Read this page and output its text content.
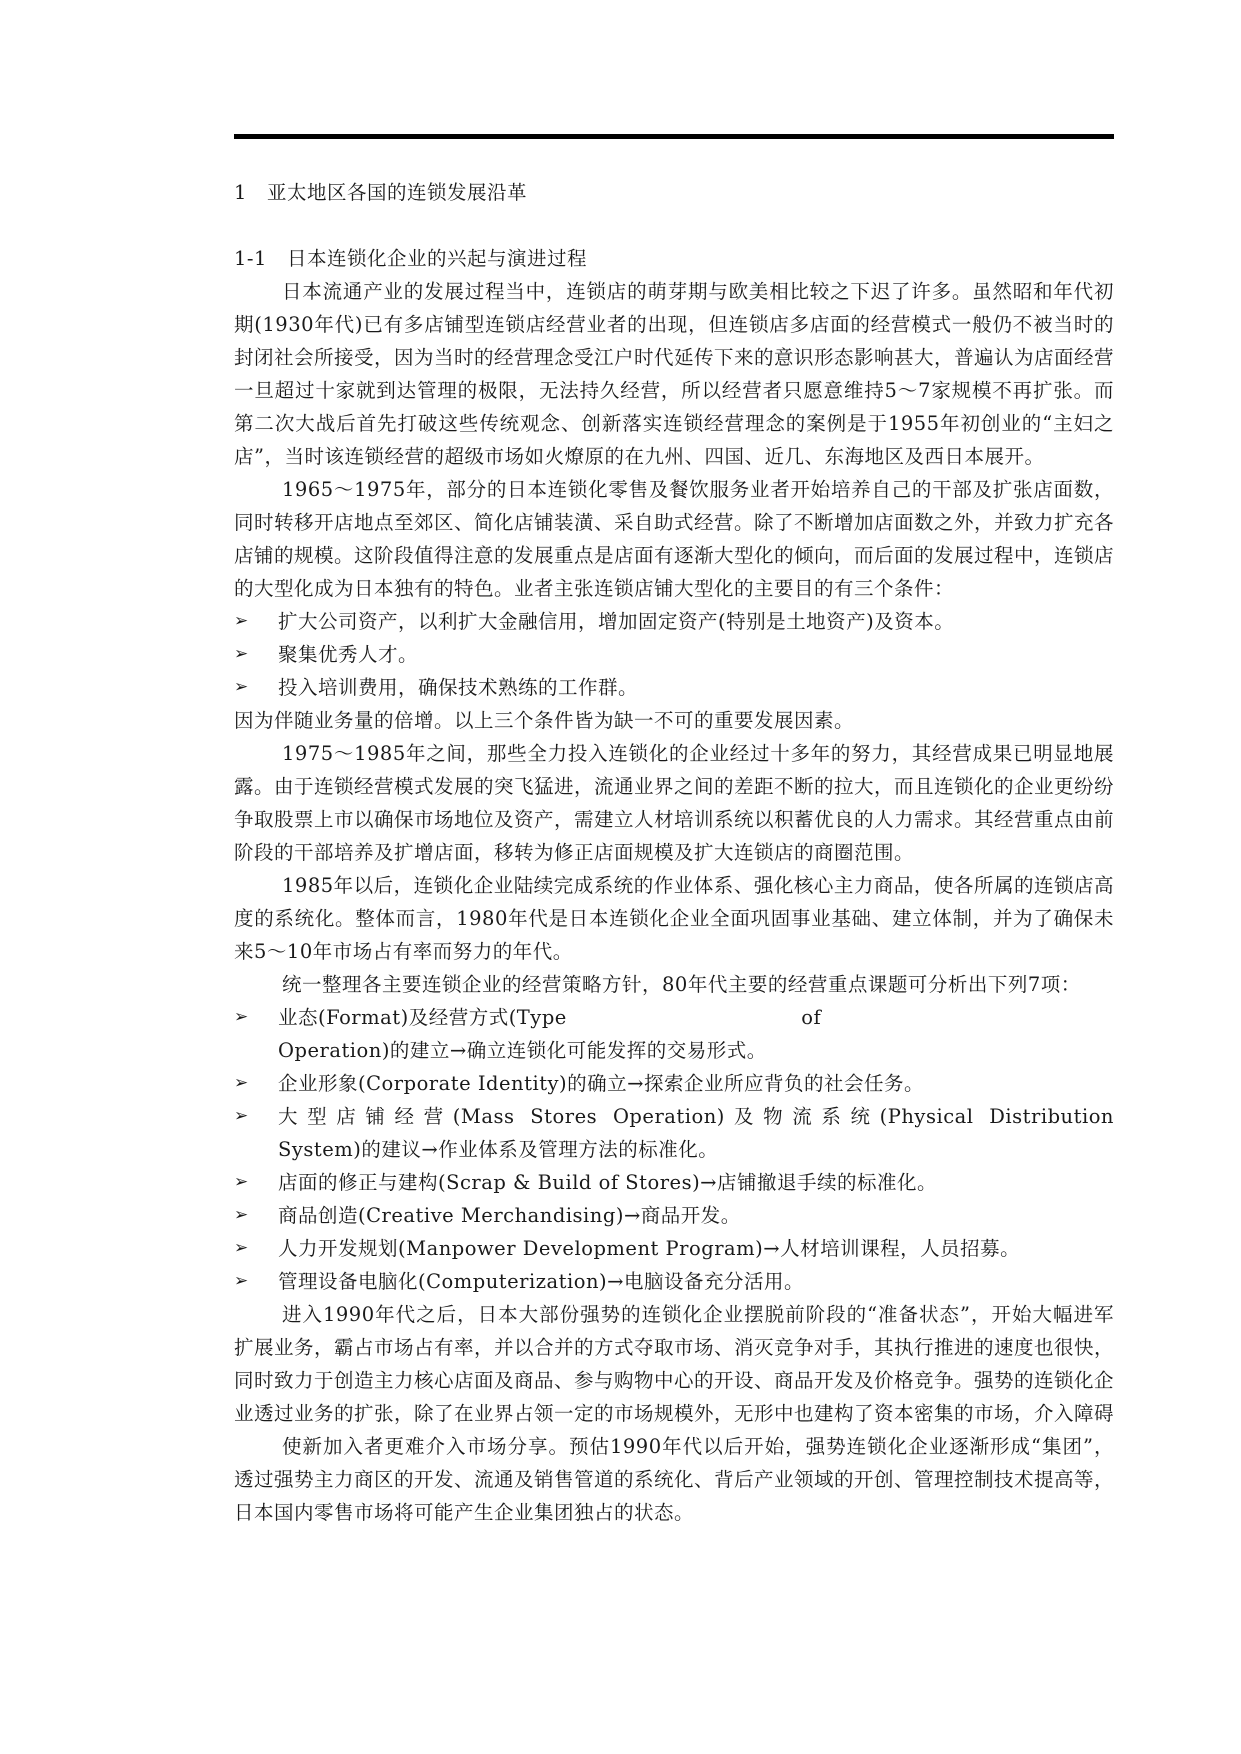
1 亚太地区各国的连锁发展沿革
1-1 日本连锁化企业的兴起与演进过程

日本流通产业的发展过程当中，连锁店的萌芽期与欧美相比较之下迟了许多。虽然昭和年代初期(1930年代)已有多店铺型连锁店经营业者的出现，但连锁店多店面的经营模式一般仍不被当时的封闭社会所接受，因为当时的经营理念受江户时代延传下来的意识形态影响甚大，普遍认为店面经营一旦超过十家就到达管理的极限，无法持久经营，所以经营者只愿意维持5～7家规模不再扩张。而第二次大战后首先打破这些传统观念、创新落实连锁经营理念的案例是于1955年初创业的“主妇之店”，当时该连锁经营的超级市场如火燎原的在九州、四国、近几、东海地区及西日本展开。

1965～1975年，部分的日本连锁化零售及餐饮服务业者开始培养自己的干部及扩张店面数，同时转移开店地点至郊区、简化店铺装潢、采自助式经营。除了不断增加店面数之外，并致力扩充各店铺的规模。这阶段值得注意的发展重点是店面有逐渐大型化的倾向，而后面的发展过程中，连锁店的大型化成为日本独有的特色。业者主张连锁店铺大型化的主要目的有三个条件：

➢	扩大公司资产，以利扩大金融信用，增加固定资产(特别是土地资产)及资本。
➢	聚集优秀人才。
➢	投入培训费用，确保技术熟练的工作群。

因为伴随业务量的倍增。以上三个条件皆为缺一不可的重要发展因素。

1975～1985年之间，那些全力投入连锁化的企业经过十多年的努力，其经营成果已明显地展露。由于连锁经营模式发展的突飞猛进，流通业界之间的差距不断的拉大，而且连锁化的企业更纷纷争取股票上市以确保市场地位及资产，需建立人材培训系统以积蓄优良的人力需求。其经营重点由前阶段的干部培养及扩增店面，移转为修正店面规模及扩大连锁店的商圈范围。

1985年以后，连锁化企业陆续完成系统的作业体系、强化核心主力商品，使各所属的连锁店高度的系统化。整体而言，1980年代是日本连锁化企业全面巩固事业基础、建立体制，并为了确保未来5～10年市场占有率而努力的年代。

统一整理各主要连锁企业的经营策略方针，80年代主要的经营重点课题可分析出下列7项：

➢	业态(Format)及经营方式(Type                                   of
Operation)的建立→确立连锁化可能发挥的交易形式。
➢	企业形象(Corporate Identity)的确立→探索企业所应背负的社会任务。
➢	大型店铺经营(Mass Stores Operation)及物流系统(Physical Distribution
System)的建议→作业体系及管理方法的标准化。
➢	店面的修正与建构(Scrap & Build of Stores)→店铺撤退手续的标准化。
➢	商品创造(Creative Merchandising)→商品开发。
➢	人力开发规划(Manpower Development Program)→人材培训课程，人员招募。
➢	管理设备电脑化(Computerization)→电脑设备充分活用。

进入1990年代之后，日本大部份强势的连锁化企业摆脱前阶段的“准备状态”，开始大幅进军扩展业务，霸占市场占有率，并以合并的方式夺取市场、消灭竞争对手，其执行推进的速度也很快，同时致力于创造主力核心店面及商品、参与购物中心的开设、商品开发及价格竞争。强势的连锁化企业透过业务的扩张，除了在业界占领一定的市场规模外，无形中也建构了资本密集的市场，介入障碍

使新加入者更难介入市场分享。预估1990年代以后开始，强势连锁化企业逐渐形成“集团”，透过强势主力商区的开发、流通及销售管道的系统化、背后产业领域的开创、管理控制技术提高等，日本国内零售市场将可能产生企业集团独占的状态。
